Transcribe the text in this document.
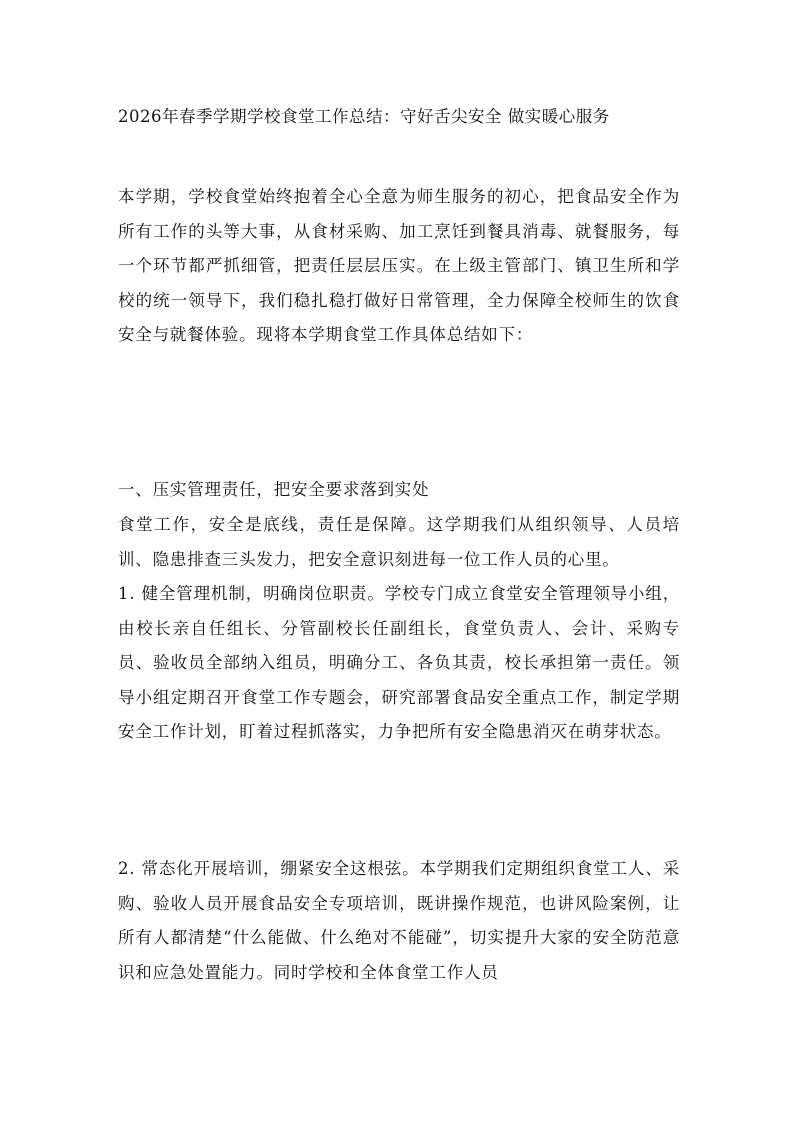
2026年春季学期学校食堂工作总结：守好舌尖安全 做实暖心服务
本学期，学校食堂始终抱着全心全意为师生服务的初心，把食品安全作为所有工作的头等大事，从食材采购、加工烹饪到餐具消毒、就餐服务，每一个环节都严抓细管，把责任层层压实。在上级主管部门、镇卫生所和学校的统一领导下，我们稳扎稳打做好日常管理，全力保障全校师生的饮食安全与就餐体验。现将本学期食堂工作具体总结如下：
一、压实管理责任，把安全要求落到实处
食堂工作，安全是底线，责任是保障。这学期我们从组织领导、人员培训、隐患排查三头发力，把安全意识刻进每一位工作人员的心里。
1. 健全管理机制，明确岗位职责。学校专门成立食堂安全管理领导小组，由校长亲自任组长、分管副校长任副组长，食堂负责人、会计、采购专员、验收员全部纳入组员，明确分工、各负其责，校长承担第一责任。领导小组定期召开食堂工作专题会，研究部署食品安全重点工作，制定学期安全工作计划，盯着过程抓落实，力争把所有安全隐患消灭在萌芽状态。
2. 常态化开展培训，绷紧安全这根弦。本学期我们定期组织食堂工人、采购、验收人员开展食品安全专项培训，既讲操作规范，也讲风险案例，让所有人都清楚“什么能做、什么绝对不能碰”，切实提升大家的安全防范意识和应急处置能力。同时学校和全体食堂工作人员
